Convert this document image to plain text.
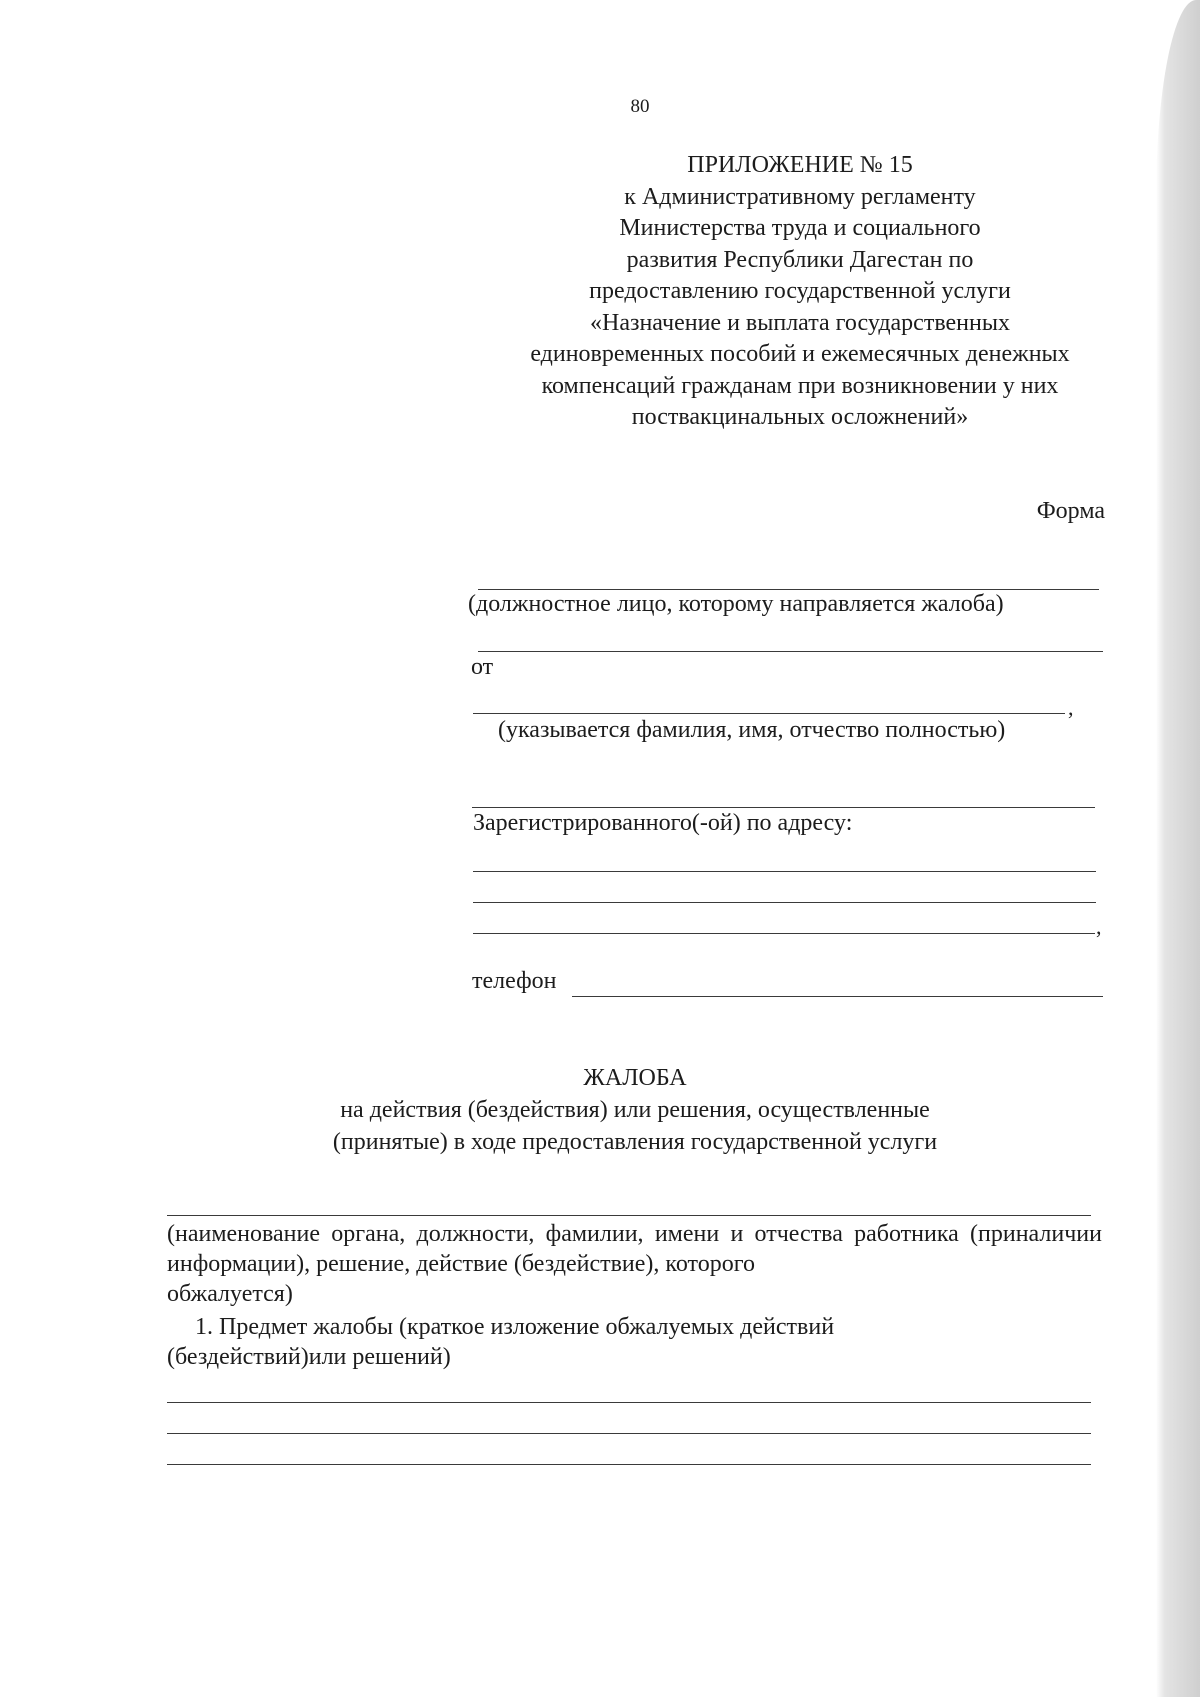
80
ПРИЛОЖЕНИЕ № 15
к Административному регламенту
Министерства труда и социального
развития Республики Дагестан по
предоставлению государственной услуги
«Назначение и выплата государственных
единовременных пособий и ежемесячных денежных
компенсаций гражданам при возникновении у них
поствакцинальных осложнений»
Форма
(должностное лицо, которому направляется жалоба)
от
,
(указывается фамилия, имя, отчество полностью)
Зарегистрированного(-ой) по адресу:
,
телефон
ЖАЛОБА
на действия (бездействия) или решения, осуществленные
(принятые) в ходе предоставления государственной услуги
(наименование органа, должности, фамилии, имени и отчества работника (приналичии информации), решение, действие (бездействие), которого
обжалуется)
1. Предмет жалобы (краткое изложение обжалуемых действий
(бездействий)или решений)
